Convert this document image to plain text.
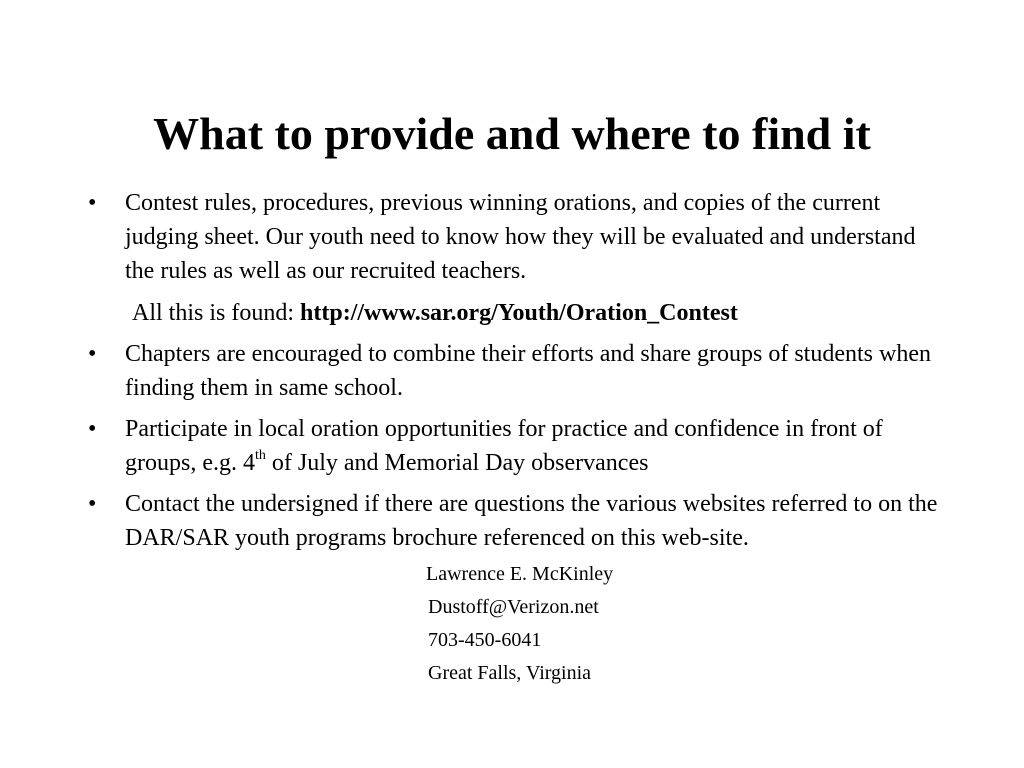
What to provide and where to find it
•	Contest rules, procedures, previous winning orations, and copies of the current judging sheet. Our youth need to know how they will be evaluated and understand the rules as well as our recruited teachers.
All this is found: http://www.sar.org/Youth/Oration_Contest
•	Chapters are encouraged to combine their efforts and share groups of students when finding them in same school.
•	Participate in local oration opportunities for practice and confidence in front of groups, e.g. 4th of July and Memorial Day observances
•	Contact the undersigned if there are questions the various websites referred to on the DAR/SAR youth programs brochure referenced on this web-site.
Lawrence E. McKinley
Dustoff@Verizon.net
703-450-6041
Great Falls, Virginia
